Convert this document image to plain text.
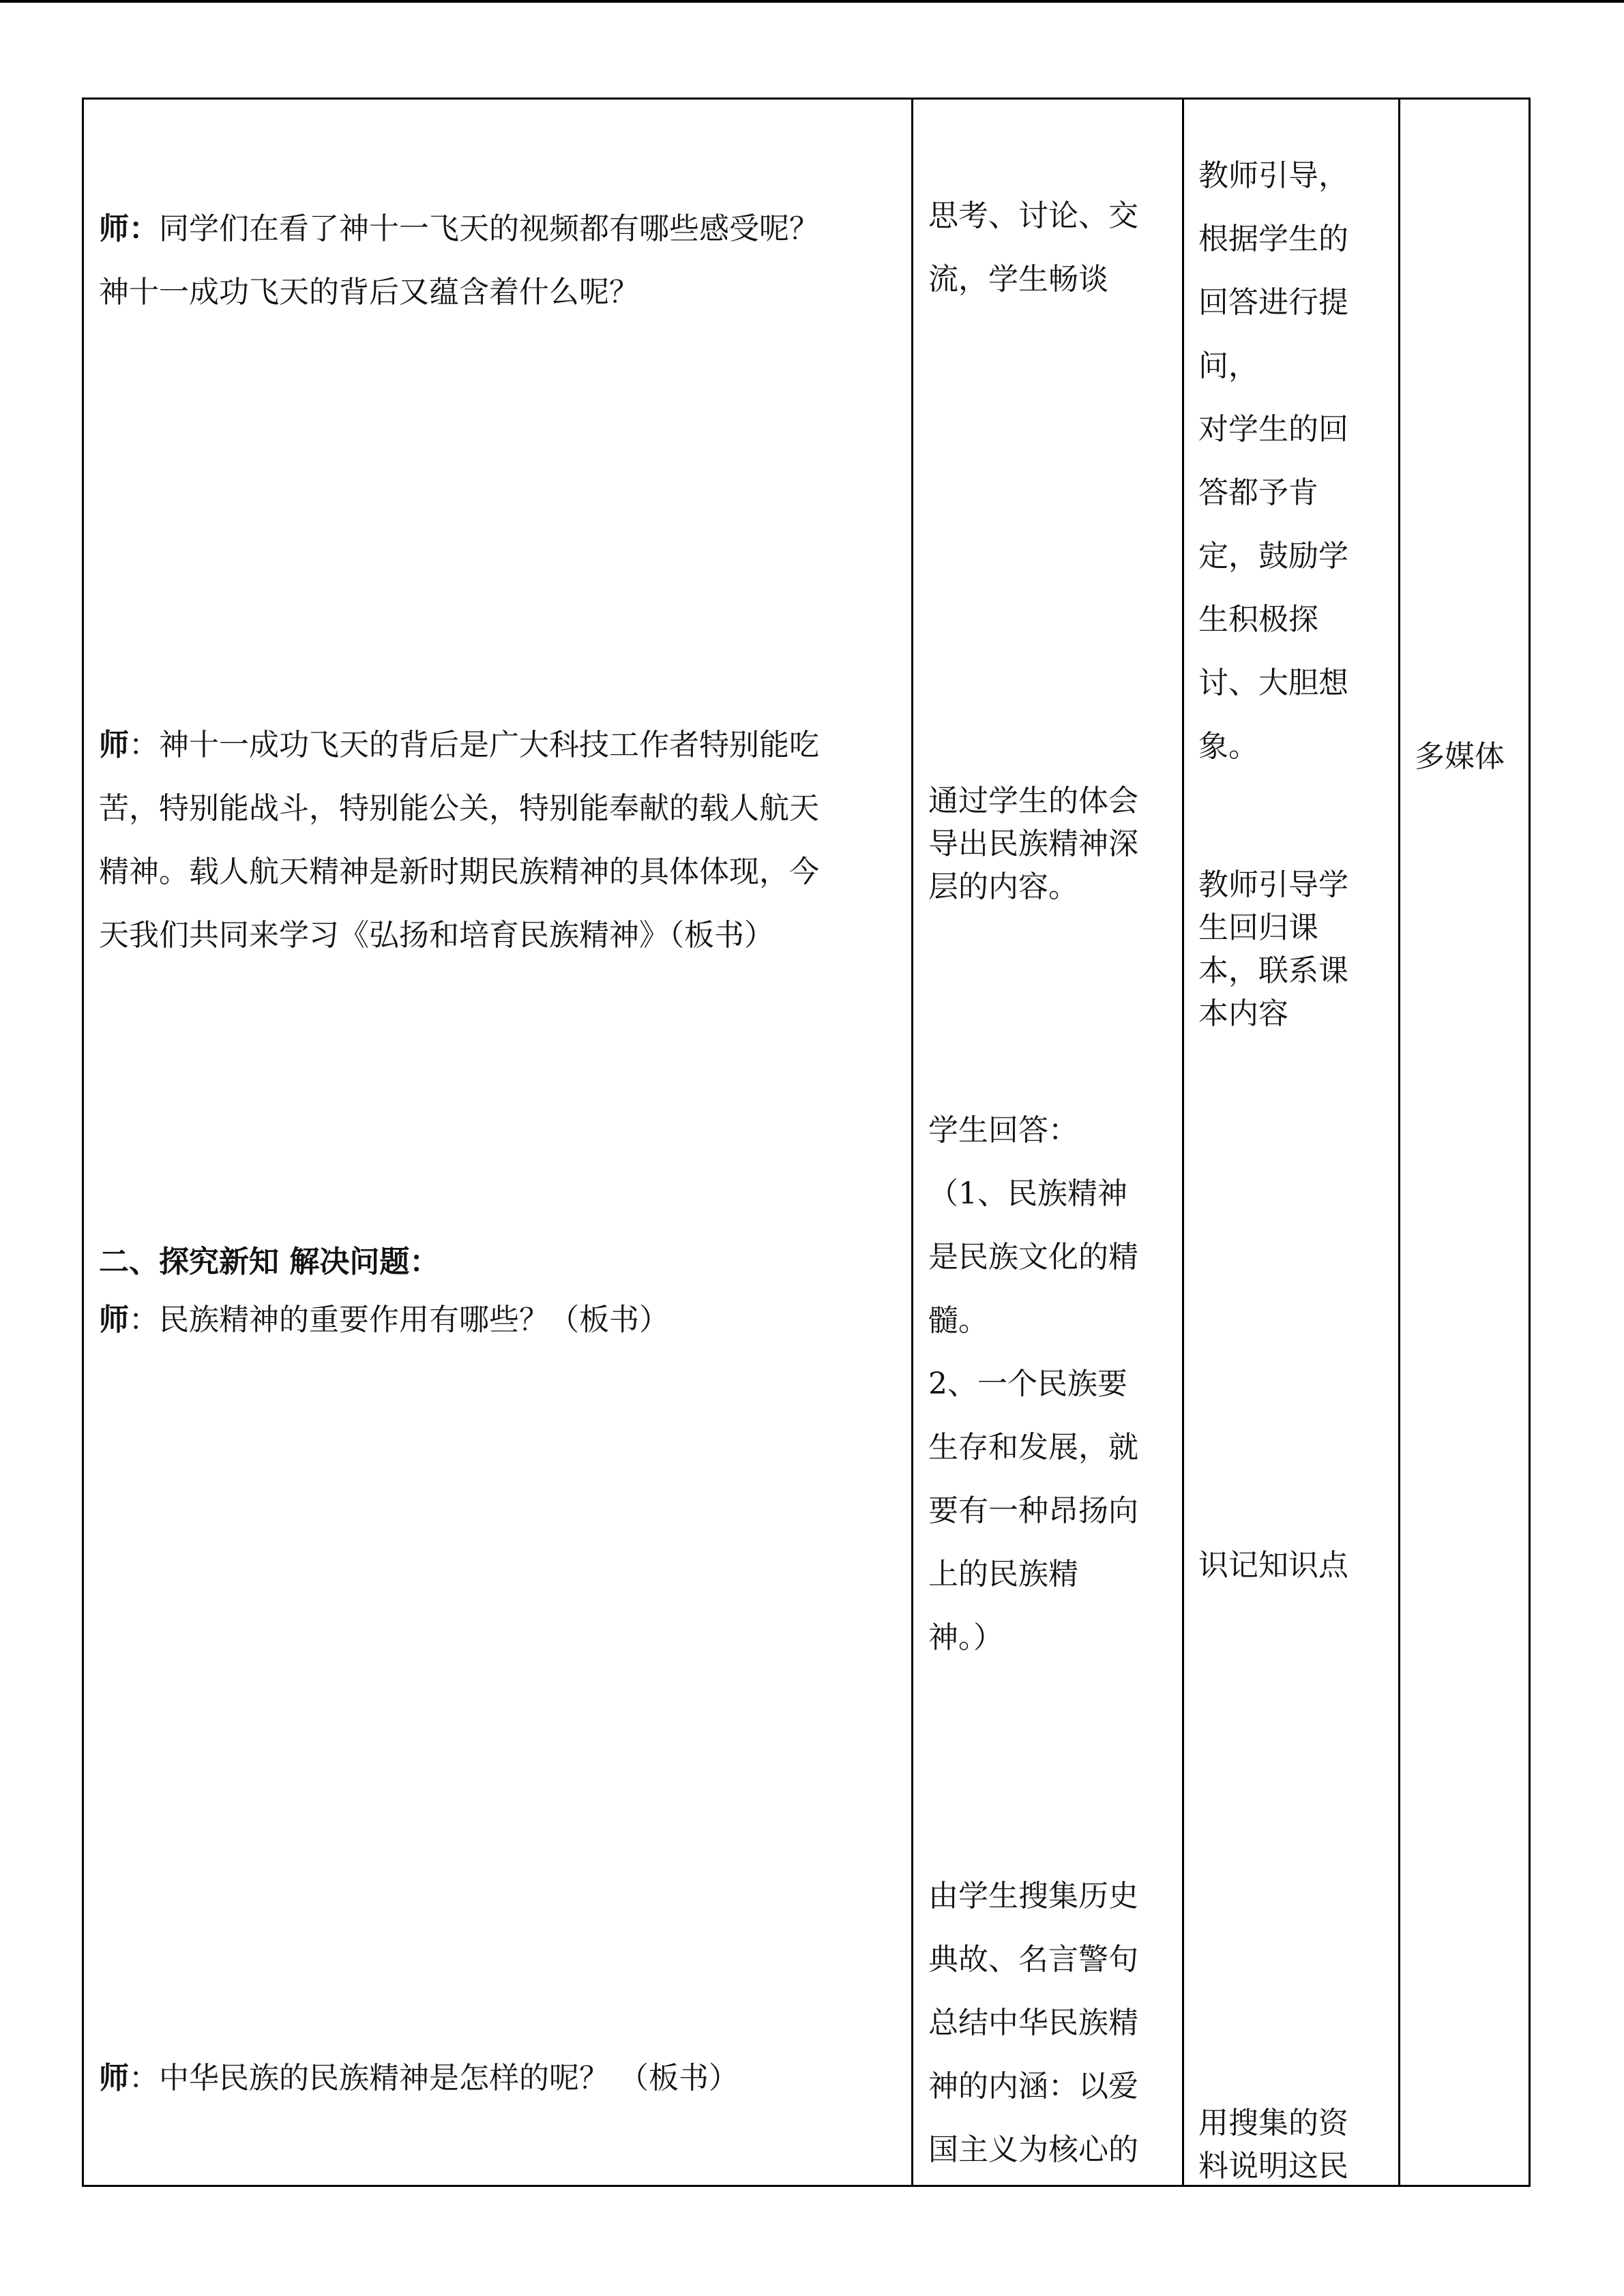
师：同学们在看了神十一飞天的视频都有哪些感受呢？
神十一成功飞天的背后又蕴含着什么呢？
师：神十一成功飞天的背后是广大科技工作者特别能吃
苦，特别能战斗，特别能公关，特别能奉献的载人航天
精神。载人航天精神是新时期民族精神的具体体现，今
天我们共同来学习《弘扬和培育民族精神》（板书）
二、探究新知 解决问题：
师：民族精神的重要作用有哪些？（板书）
师：中华民族的民族精神是怎样的呢？ （板书）
思考、讨论、交
流，学生畅谈
通过学生的体会
导出民族精神深
层的内容。
学生回答：
（1、民族精神
是民族文化的精
髓。
2、一个民族要
生存和发展，就
要有一种昂扬向
上的民族精
神。）
由学生搜集历史
典故、名言警句
总结中华民族精
神的内涵：以爱
国主义为核心的
教师引导，
根据学生的
回答进行提
问，
对学生的回
答都予肯
定，鼓励学
生积极探
讨、大胆想
象。
教师引导学
生回归课
本，联系课
本内容
识记知识点
用搜集的资
料说明这民
多媒体
